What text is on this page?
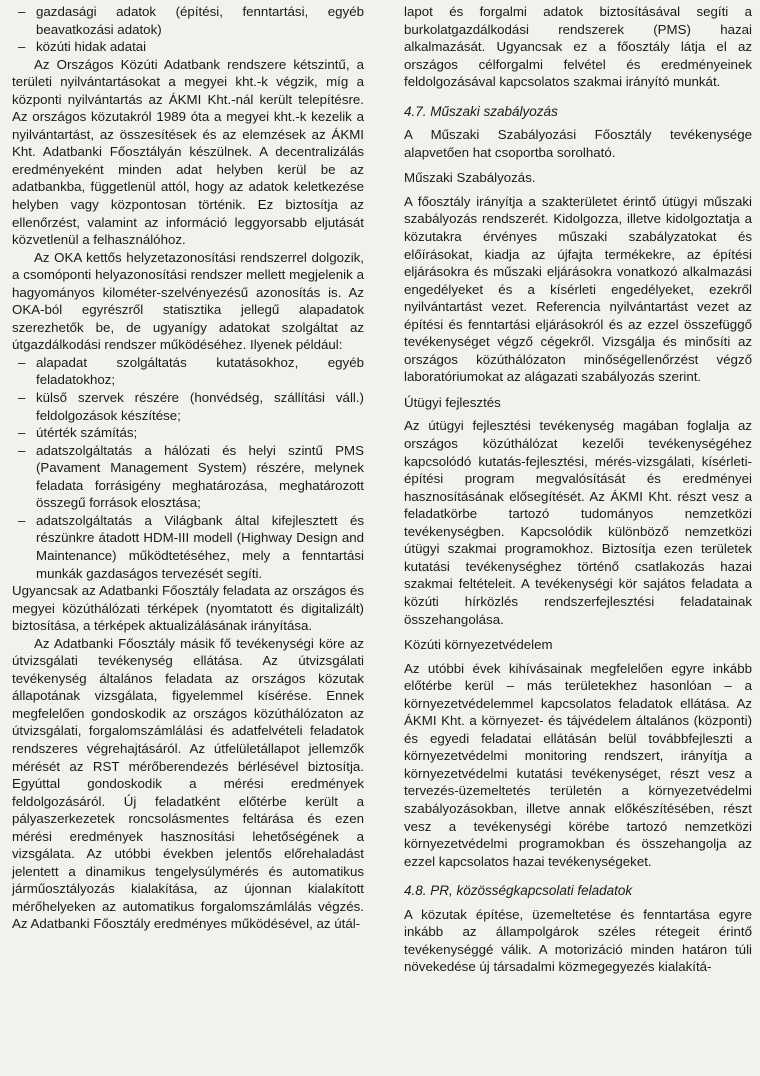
– gazdasági adatok (építési, fenntartási, egyéb beavatkozási adatok)

– közúti hidak adatai

Az Országos Közúti Adatbank rendszere kétszintű, a területi nyilvántartásokat a megyei kht.-k végzik, míg a központi nyilvántartás az ÁKMI Kht.-nál került telepítésre. Az országos közutakról 1989 óta a megyei kht.-k kezelik a nyilvántartást, az összesítések és az elemzések az ÁKMI Kht. Adatbanki Főosztályán készülnek. A decentralizálás eredményeként minden adat helyben kerül be az adatbankba, függetlenül attól, hogy az adatok keletkezése helyben vagy központosan történik. Ez biztosítja az ellenőrzést, valamint az információ leggyorsabb eljutását közvetlenül a felhasználóhoz.

Az OKA kettős helyzetazonosítási rendszerrel dolgozik, a csomóponti helyazonosítási rendszer mellett megjelenik a hagyományos kilométer-szelvényezésű azonosítás is. Az OKA-ból egyrészről statisztika jellegű alapadatok szerezhetők be, de ugyanígy adatokat szolgáltat az útgazdálkodási rendszer működéséhez. Ilyenek például:

– alapadat szolgáltatás kutatásokhoz, egyéb feladatokhoz;

– külső szervek részére (honvédség, szállítási váll.) feldolgozások készítése;

– útérték számítás;

– adatszolgáltatás a hálózati és helyi szintű PMS (Pavament Management System) részére, melynek feladata forrásigény meghatározása, meghatározott összegű források elosztása;

– adatszolgáltatás a Világbank által kifejlesztett és részünkre átadott HDM-III modell (Highway Design and Maintenance) működtetéséhez, mely a fenntartási munkák gazdaságos tervezését segíti.

Ugyancsak az Adatbanki Főosztály feladata az országos és megyei közúthálózati térképek (nyomtatott és digitalizált) biztosítása, a térképek aktualizálásának irányítása.

Az Adatbanki Főosztály másik fő tevékenységi köre az útvizsgálati tevékenység ellátása. Az útvizsgálati tevékenység általános feladata az országos közutak állapotának vizsgálata, figyelemmel kísérése. Ennek megfelelően gondoskodik az országos közúthálózaton az útvizsgálati, forgalomszámlálási és adatfelvételi feladatok rendszeres végrehajtásáról. Az útfelületállapot jellemzők mérését az RST mérőberendezés bérlésével biztosítja. Egyúttal gondoskodik a mérési eredmények feldolgozásáról. Új feladatként előtérbe került a pályaszerkezetek roncsolásmentes feltárása és ezen mérési eredmények hasznosítási lehetőségének a vizsgálata. Az utóbbi években jelentős előrehaladást jelentett a dinamikus tengelysúlymérés és automatikus járműosztályozás kialakítása, az újonnan kialakított mérőhelyeken az automatikus forgalomszámlálás végzés. Az Adatbanki Főosztály eredményes működésével, az útál-

lapot és forgalmi adatok biztosításával segíti a burkolatgazdálkodási rendszerek (PMS) hazai alkalmazását. Ugyancsak ez a főosztály látja el az országos célforgalmi felvétel és eredményeinek feldolgozásával kapcsolatos szakmai irányító munkát.

4.7. Műszaki szabályozás

A Műszaki Szabályozási Főosztály tevékenysége alapvetően hat csoportba sorolható.

Műszaki Szabályozás.

A főosztály irányítja a szakterületet érintő útügyi műszaki szabályozás rendszerét. Kidolgozza, illetve kidolgoztatja a közutakra érvényes műszaki szabályzatokat és előírásokat, kiadja az újfajta termékekre, az építési eljárásokra és műszaki eljárásokra vonatkozó alkalmazási engedélyeket és a kísérleti engedélyeket, ezekről nyilvántartást vezet. Referencia nyilvántartást vezet az építési és fenntartási eljárásokról és az ezzel összefüggő tevékenységet végző cégekről. Vizsgálja és minősíti az országos közúthálózaton minőségellenőrzést végző laboratóriumokat az alágazati szabályozás szerint.

Útügyi fejlesztés

Az útügyi fejlesztési tevékenység magában foglalja az országos közúthálózat kezelői tevékenységéhez kapcsolódó kutatás-fejlesztési, mérés-vizsgálati, kísérleti-építési program megvalósítását és eredményei hasznosításának elősegítését. Az ÁKMI Kht. részt vesz a feladatkörbe tartozó tudományos nemzetközi tevékenységben. Kapcsolódik különböző nemzetközi útügyi szakmai programokhoz. Biztosítja ezen területek kutatási tevékenységhez történő csatlakozás hazai szakmai feltételeit. A tevékenységi kör sajátos feladata a közúti hírközlés rendszerfejlesztési feladatainak összehangolása.

Közúti környezetvédelem

Az utóbbi évek kihívásainak megfelelően egyre inkább előtérbe kerül – más területekhez hasonlóan – a környezetvédelemmel kapcsolatos feladatok ellátása. Az ÁKMI Kht. a környezet- és tájvédelem általános (központi) és egyedi feladatai ellátásán belül továbbfejleszti a környezetvédelmi monitoring rendszert, irányítja a környezetvédelmi kutatási tevékenységet, részt vesz a tervezés-üzemeltetés területén a környezetvédelmi szabályozásokban, illetve annak előkészítésében, részt vesz a tevékenységi körébe tartozó nemzetközi környezetvédelmi programokban és összehangolja az ezzel kapcsolatos hazai tevékenységeket.

4.8. PR, közösségkapcsolati feladatok

A közutak építése, üzemeltetése és fenntartása egyre inkább az állampolgárok széles rétegeit érintő tevékenységgé válik. A motorizáció minden határon túli növekedése új társadalmi közmegegyezés kialakítá-
